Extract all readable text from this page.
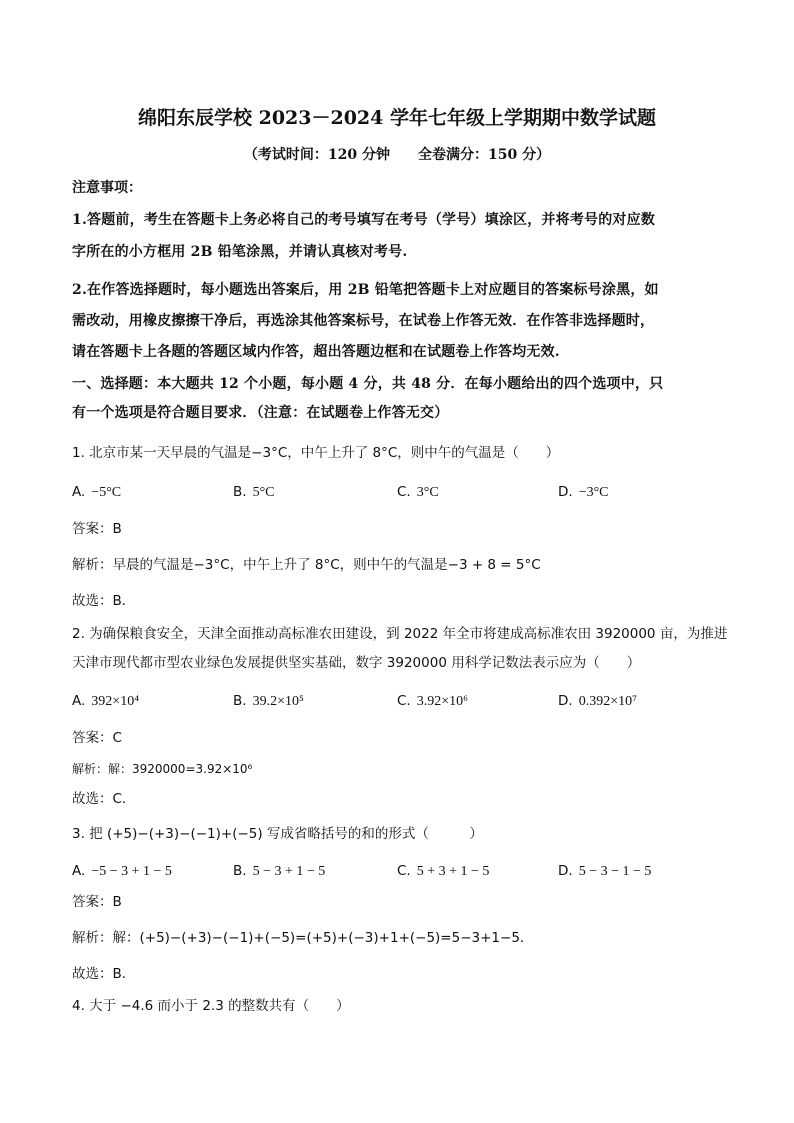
绵阳东辰学校 2023－2024 学年七年级上学期期中数学试题
（考试时间：120 分钟　　全卷满分：150 分）
注意事项：
1.答题前，考生在答题卡上务必将自己的考号填写在考号（学号）填涂区，并将考号的对应数
字所在的小方框用 2B 铅笔涂黑，并请认真核对考号.
2.在作答选择题时，每小题选出答案后，用 2B 铅笔把答题卡上对应题目的答案标号涂黑，如
需改动，用橡皮擦擦干净后，再选涂其他答案标号，在试卷上作答无效．在作答非选择题时，
请在答题卡上各题的答题区域内作答，超出答题边框和在试题卷上作答均无效.
一、选择题：本大题共 12 个小题，每小题 4 分，共 48 分．在每小题给出的四个选项中，只
有一个选项是符合题目要求．（注意：在试题卷上作答无交）
1. 北京市某一天早晨的气温是−3°C，中午上升了 8°C，则中午的气温是（　　）
A. −5°C	B. 5°C	C. 3°C	D. −3°C
答案：B
解析：早晨的气温是−3°C，中午上升了 8°C，则中午的气温是−3 + 8 = 5°C
故选：B．
2. 为确保粮食安全，天津全面推动高标准农田建设，到 2022 年全市将建成高标准农田 3920000 亩，为推进
天津市现代都市型农业绿色发展提供坚实基础，数字 3920000 用科学记数法表示应为（　　）
A. 392×10⁴	B. 39.2×10⁵	C. 3.92×10⁶	D. 0.392×10⁷
答案：C
解析：解：3920000=3.92×10⁶
故选：C．
3. 把 (+5)−(+3)−(−1)+(−5) 写成省略括号的和的形式（　　　）
A. −5 − 3 + 1 − 5	B. 5 − 3 + 1 − 5	C. 5 + 3 + 1 − 5	D. 5 − 3 − 1 − 5
答案：B
解析：解：(+5)−(+3)−(−1)+(−5)=(+5)+(−3)+1+(−5)=5−3+1−5．
故选：B．
4. 大于 −4.6 而小于 2.3 的整数共有（　　）
